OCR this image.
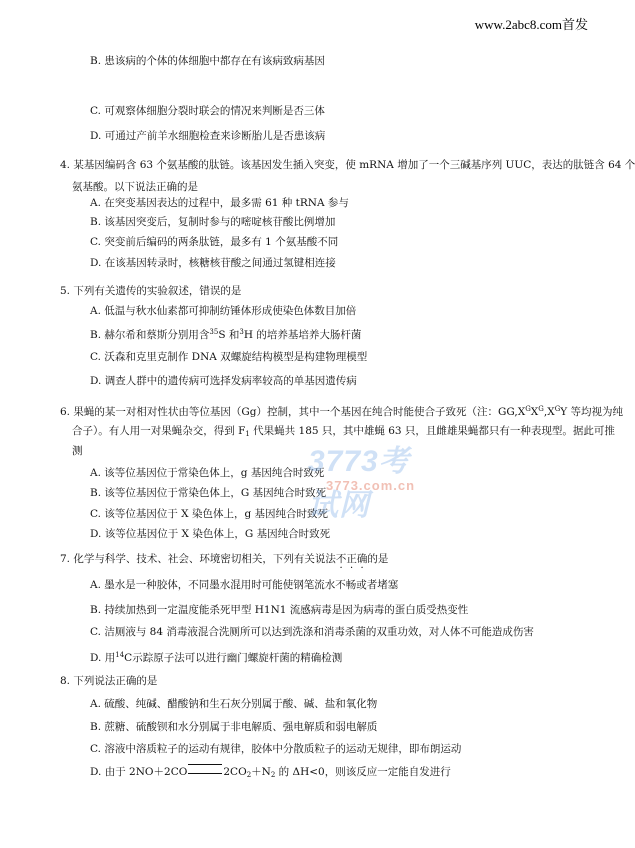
www.2abc8.com首发
B. 患该病的个体的体细胞中都存在有该病致病基因
C. 可观察体细胞分裂时联会的情况来判断是否三体
D. 可通过产前羊水细胞检查来诊断胎儿是否患该病
4. 某基因编码含 63 个氨基酸的肽链。该基因发生插入突变，使 mRNA 增加了一个三碱基序列 UUC，表达的肽链含 64 个
氨基酸。以下说法正确的是
A. 在突变基因表达的过程中，最多需 61 种 tRNA 参与
B. 该基因突变后，复制时参与的嘧啶核苷酸比例增加
C. 突变前后编码的两条肽链，最多有 1 个氨基酸不同
D. 在该基因转录时，核糖核苷酸之间通过氢键相连接
5. 下列有关遗传的实验叙述，错误的是
A. 低温与秋水仙素都可抑制纺锤体形成使染色体数目加倍
B. 赫尔希和蔡斯分别用含$^{35}$S 和$^3$H 的培养基培养大肠杆菌
C. 沃森和克里克制作 DNA 双螺旋结构模型是构建物理模型
D. 调查人群中的遗传病可选择发病率较高的单基因遗传病
6. 果蝇的某一对相对性状由等位基因（Gg）控制，其中一个基因在纯合时能使合子致死（注：$GG,X^GX^G,X^GY$ 等均视为纯
合子）。有人用一对果蝇杂交，得到 $F_1$ 代果蝇共 185 只，其中雄蝇 63 只，且雌雄果蝇都只有一种表现型。据此可推
测
A. 该等位基因位于常染色体上，g 基因纯合时致死
B. 该等位基因位于常染色体上，G 基因纯合时致死
C. 该等位基因位于 X 染色体上，g 基因纯合时致死
D. 该等位基因位于 X 染色体上，G 基因纯合时致死
7. 化学与科学、技术、社会、环境密切相关，下列有关说法不正确的是
A. 墨水是一种胶体，不同墨水混用时可能使钢笔流水不畅或者堵塞
B. 持续加热到一定温度能杀死甲型 H1N1 流感病毒是因为病毒的蛋白质受热变性
C. 洁厕液与 84 消毒液混合洗厕所可以达到洗涤和消毒杀菌的双重功效，对人体不可能造成伤害
D. 用$^{14}$C示踪原子法可以进行幽门螺旋杆菌的精确检测
8. 下列说法正确的是
A. 硫酸、纯碱、醋酸钠和生石灰分别属于酸、碱、盐和氧化物
B. 蔗糖、硫酸钡和水分别属于非电解质、强电解质和弱电解质
C. 溶液中溶质粒子的运动有规律，胶体中分散质粒子的运动无规律，即布朗运动
D. 由于 2NO＋2CO	$2CO_2+N_2$ 的 ΔH<0，则该反应一定能自发进行
3773考试网
3773.com.cn
